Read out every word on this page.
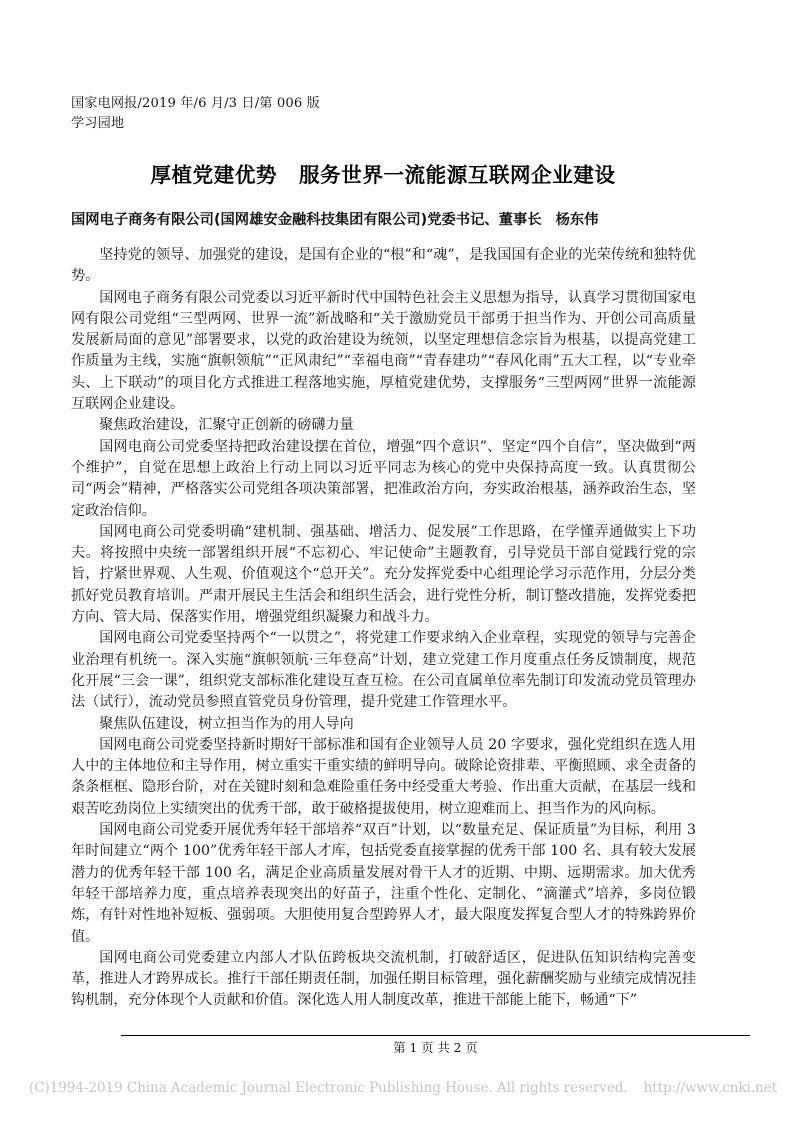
国家电网报/2019 年/6 月/3 日/第 006 版
学习园地
厚植党建优势 服务世界一流能源互联网企业建设
国网电子商务有限公司(国网雄安金融科技集团有限公司)党委书记、董事长 杨东伟

坚持党的领导、加强党的建设，是国有企业的“根”和“魂”，是我国国有企业的光荣传统和独特优势。

国网电子商务有限公司党委以习近平新时代中国特色社会主义思想为指导，认真学习贯彻国家电网有限公司党组“三型两网、世界一流”新战略和“关于激励党员干部勇于担当作为、开创公司高质量发展新局面的意见”部署要求，以党的政治建设为统领，以坚定理想信念宗旨为根基，以提高党建工作质量为主线，实施“旗帜领航”“正风肃纪”“幸福电商”“青春建功”“春风化雨”五大工程，以“专业牵头、上下联动”的项目化方式推进工程落地实施，厚植党建优势，支撑服务“三型两网”世界一流能源互联网企业建设。

聚焦政治建设，汇聚守正创新的磅礴力量

国网电商公司党委坚持把政治建设摆在首位，增强“四个意识”、坚定“四个自信”，坚决做到“两个维护”，自觉在思想上政治上行动上同以习近平同志为核心的党中央保持高度一致。认真贯彻公司“两会”精神，严格落实公司党组各项决策部署，把准政治方向，夯实政治根基，涵养政治生态，坚定政治信仰。

国网电商公司党委明确“建机制、强基础、增活力、促发展”工作思路，在学懂弄通做实上下功夫。将按照中央统一部署组织开展“不忘初心、牢记使命”主题教育，引导党员干部自觉践行党的宗旨，拧紧世界观、人生观、价值观这个“总开关”。充分发挥党委中心组理论学习示范作用，分层分类抓好党员教育培训。严肃开展民主生活会和组织生活会，进行党性分析，制订整改措施，发挥党委把方向、管大局、保落实作用，增强党组织凝聚力和战斗力。

国网电商公司党委坚持两个“一以贯之”，将党建工作要求纳入企业章程，实现党的领导与完善企业治理有机统一。深入实施“旗帜领航·三年登高”计划，建立党建工作月度重点任务反馈制度，规范化开展“三会一课”，组织党支部标准化建设互查互检。在公司直属单位率先制订印发流动党员管理办法（试行），流动党员参照直管党员身份管理，提升党建工作管理水平。

聚焦队伍建设，树立担当作为的用人导向

国网电商公司党委坚持新时期好干部标准和国有企业领导人员 20 字要求，强化党组织在选人用人中的主体地位和主导作用，树立重实干重实绩的鲜明导向。破除论资排辈、平衡照顾、求全责备的条条框框、隐形台阶，对在关键时刻和急难险重任务中经受重大考验、作出重大贡献，在基层一线和艰苦吃劲岗位上实绩突出的优秀干部，敢于破格提拔使用，树立迎难而上、担当作为的风向标。

国网电商公司党委开展优秀年轻干部培养“双百”计划，以“数量充足、保证质量”为目标，利用 3 年时间建立“两个 100”优秀年轻干部人才库，包括党委直接掌握的优秀干部 100 名、具有较大发展潜力的优秀年轻干部 100 名，满足企业高质量发展对骨干人才的近期、中期、远期需求。加大优秀年轻干部培养力度，重点培养表现突出的好苗子，注重个性化、定制化、“滴灌式”培养，多岗位锻炼，有针对性地补短板、强弱项。大胆使用复合型跨界人才，最大限度发挥复合型人才的特殊跨界价值。

国网电商公司党委建立内部人才队伍跨板块交流机制，打破舒适区，促进队伍知识结构完善变革，推进人才跨界成长。推行干部任期责任制，加强任期目标管理，强化薪酬奖励与业绩完成情况挂钩机制，充分体现个人贡献和价值。深化选人用人制度改革，推进干部能上能下，畅通“下”

第 1 页 共 2 页
(C)1994-2019 China Academic Journal Electronic Publishing House. All rights reserved. http://www.cnki.net
